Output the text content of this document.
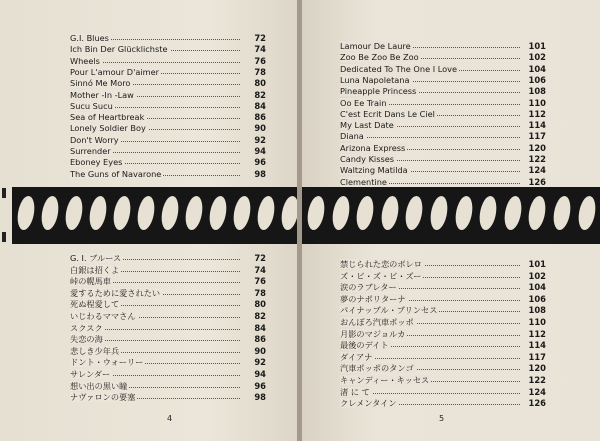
G.I. Blues	72
Ich Bin Der Glücklichste	74
Wheels	76
Pour L'amour D'aimer	78
Sinnó Me Moro	80
Mother -In -Law	82
Sucu Sucu	84
Sea of Heartbreak	86
Lonely Soldier Boy	90
Don't Worry	92
Surrender	94
Eboney Eyes	96
The Guns of Navarone	98
G. I. ブルース	72
白銀は招くよ	74
峠の幌馬車	76
愛するために愛されたい	78
死ぬ程愛して	80
いじわるママさん	82
スクスク	84
失恋の海	86
悲しき少年兵	90
ドント・ウォーリー	92
サレンダー	94
想い出の黒い瞳	96
ナヴァロンの要塞	98
4
Lamour De Laure	101
Zoo Be Zoo Be Zoo	102
Dedicated To The One I Love	104
Luna Napoletana	106
Pineapple Princess	108
Oo Ee Train	110
C'est Ecrit Dans Le Ciel	112
My Last Date	114
Diana	117
Arizona Express	120
Candy Kisses	122
Waltzing Matilda	124
Clementine	126
禁じられた恋のボレロ	101
ズ・ビ・ズ・ビ・ズー	102
涙のラブレター	104
夢のナポリターナ	106
パイナップル・プリンセス	108
おんぼろ汽車ポッポ	110
月影のマジョルカ	112
最後のデイト	114
ダイアナ	117
汽車ポッポのタンゴ	120
キャンディー・キッセス	122
渚 に て	124
クレメンタイン	126
5
